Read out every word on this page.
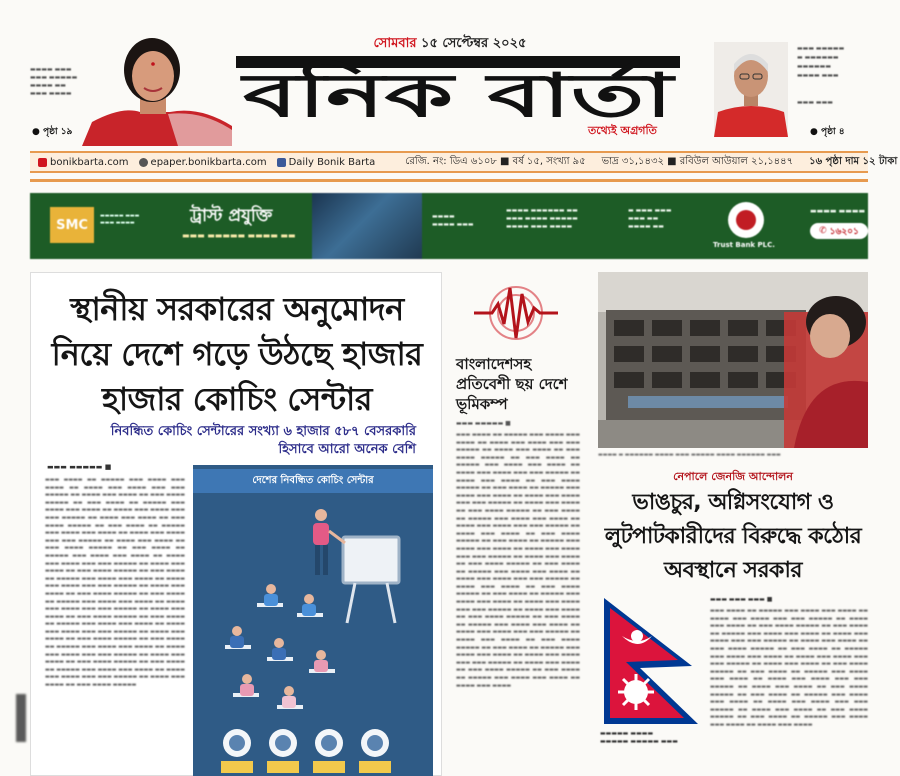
সোমবার ১৫ সেপ্টেম্বর ২০২৫
▬▬▬▬ ▬▬▬
▬▬▬ ▬▬▬▬▬
▬▬▬▬ ▬▬
▬▬▬ ▬▬▬▬
● পৃষ্ঠা ১৯
বনিক বার্তা	তথ্যেই অগ্রগতি
▬▬▬ ▬▬▬▬▬
▬ ▬▬▬▬▬▬
▬▬▬▬▬▬
▬▬▬▬ ▬▬▬

▬▬▬ ▬▬▬
● পৃষ্ঠা ৪
bonikbarta.com epaper.bonikbarta.com Daily Bonik Barta	রেজি. নং: ডিএ ৬১০৮ ■ বর্ষ ১৫, সংখ্যা ৯৫ ভাদ্র ৩১,১৪৩২ ■ রবিউল আউয়াল ২১,১৪৪৭ ১৬ পৃষ্ঠা দাম ১২ টাকা
SMC
▬▬▬▬▬ ▬▬▬
▬▬▬ ▬▬▬▬	ট্রাস্ট প্রযুক্তি
▬▬▬ ▬▬▬▬▬ ▬▬▬▬ ▬▬
▬▬▬▬
▬▬▬▬ ▬▬▬
▬▬▬▬ ▬▬▬▬▬▬ ▬▬
▬▬▬ ▬▬▬▬ ▬▬▬▬▬
▬▬▬▬ ▬▬▬ ▬▬▬▬
▬ ▬▬▬ ▬▬▬
▬▬▬ ▬▬
▬▬▬▬ ▬▬
Trust Bank PLC.
▬▬▬▬ ▬▬▬▬
✆ ১৬২০১
স্থানীয় সরকারের অনুমোদন নিয়ে দেশে গড়ে উঠছে হাজার হাজার কোচিং সেন্টার
নিবন্ধিত কোচিং সেন্টারের সংখ্যা ৬ হাজার ৫৮৭ বেসরকারি হিসাবে আরো অনেক বেশি
▬▬▬ ▬▬▬▬▬ ■
▬▬▬ ▬▬▬▬ ▬▬ ▬▬▬▬▬ ▬▬▬ ▬▬▬▬ ▬▬▬ ▬▬▬▬ ▬▬ ▬▬▬▬ ▬▬▬ ▬▬▬▬ ▬▬▬ ▬▬▬ ▬▬▬▬▬ ▬▬ ▬▬▬▬ ▬▬▬ ▬▬▬▬ ▬▬ ▬▬▬ ▬▬▬▬ ▬▬▬▬▬ ▬▬ ▬▬▬ ▬▬▬▬ ▬▬ ▬▬▬▬▬ ▬▬▬ ▬▬▬▬ ▬▬▬ ▬▬▬▬ ▬▬ ▬▬▬▬ ▬▬▬ ▬▬▬▬ ▬▬▬ ▬▬▬ ▬▬▬▬▬ ▬▬ ▬▬▬▬ ▬▬▬ ▬▬▬▬ ▬▬ ▬▬▬ ▬▬▬▬ ▬▬▬▬▬ ▬▬ ▬▬▬ ▬▬▬▬ ▬▬ ▬▬▬▬▬ ▬▬▬ ▬▬▬▬ ▬▬▬ ▬▬▬▬ ▬▬ ▬▬▬▬ ▬▬▬ ▬▬▬▬ ▬▬▬ ▬▬▬ ▬▬▬▬▬ ▬▬ ▬▬▬▬ ▬▬▬ ▬▬▬▬ ▬▬ ▬▬▬ ▬▬▬▬ ▬▬▬▬▬ ▬▬ ▬▬▬ ▬▬▬▬ ▬▬ ▬▬▬▬▬ ▬▬▬ ▬▬▬▬ ▬▬▬ ▬▬▬▬ ▬▬ ▬▬▬▬ ▬▬▬ ▬▬▬▬ ▬▬▬ ▬▬▬ ▬▬▬▬▬ ▬▬ ▬▬▬▬ ▬▬▬ ▬▬▬▬ ▬▬ ▬▬▬ ▬▬▬▬ ▬▬▬▬▬ ▬▬ ▬▬▬ ▬▬▬▬ ▬▬ ▬▬▬▬▬ ▬▬▬ ▬▬▬▬ ▬▬▬ ▬▬▬▬ ▬▬ ▬▬▬▬ ▬▬▬ ▬▬▬▬ ▬▬▬ ▬▬▬ ▬▬▬▬▬ ▬▬ ▬▬▬▬ ▬▬▬ ▬▬▬▬ ▬▬ ▬▬▬ ▬▬▬▬ ▬▬▬▬▬ ▬▬ ▬▬▬ ▬▬▬▬ ▬▬ ▬▬▬▬▬ ▬▬▬ ▬▬▬▬ ▬▬▬ ▬▬▬▬ ▬▬ ▬▬▬▬ ▬▬▬ ▬▬▬▬ ▬▬▬ ▬▬▬ ▬▬▬▬▬ ▬▬ ▬▬▬▬ ▬▬▬ ▬▬▬▬ ▬▬ ▬▬▬ ▬▬▬▬ ▬▬▬▬▬ ▬▬ ▬▬▬ ▬▬▬▬ ▬▬ ▬▬▬▬▬ ▬▬▬ ▬▬▬▬ ▬▬▬ ▬▬▬▬ ▬▬ ▬▬▬▬ ▬▬▬ ▬▬▬▬ ▬▬▬ ▬▬▬ ▬▬▬▬▬ ▬▬ ▬▬▬▬ ▬▬▬ ▬▬▬▬ ▬▬ ▬▬▬ ▬▬▬▬ ▬▬▬▬▬ ▬▬ ▬▬▬ ▬▬▬▬ ▬▬ ▬▬▬▬▬ ▬▬▬ ▬▬▬▬ ▬▬▬ ▬▬▬▬ ▬▬ ▬▬▬▬ ▬▬▬ ▬▬▬▬ ▬▬▬ ▬▬▬ ▬▬▬▬▬ ▬▬ ▬▬▬▬ ▬▬▬ ▬▬▬▬ ▬▬ ▬▬▬ ▬▬▬▬ ▬▬▬▬▬ ▬▬ ▬▬▬ ▬▬▬▬ ▬▬ ▬▬▬▬▬ ▬▬▬ ▬▬▬▬ ▬▬▬ ▬▬▬▬ ▬▬ ▬▬▬▬ ▬▬▬ ▬▬▬▬ ▬▬▬ ▬▬▬ ▬▬▬▬▬ ▬▬ ▬▬▬▬ ▬▬▬ ▬▬▬▬ ▬▬ ▬▬▬ ▬▬▬▬ ▬▬▬▬▬
দেশের নিবন্ধিত কোচিং সেন্টার
বাংলাদেশসহ প্রতিবেশী ছয় দেশে ভূমিকম্প
▬▬▬ ▬▬▬▬▬ ■
▬▬▬ ▬▬▬▬ ▬▬ ▬▬▬▬▬ ▬▬▬ ▬▬▬▬ ▬▬▬ ▬▬▬▬ ▬▬ ▬▬▬▬ ▬▬▬ ▬▬▬▬ ▬▬▬ ▬▬▬ ▬▬▬▬▬ ▬▬ ▬▬▬▬ ▬▬▬ ▬▬▬▬ ▬▬ ▬▬▬ ▬▬▬▬ ▬▬▬▬▬ ▬▬ ▬▬▬ ▬▬▬▬ ▬▬ ▬▬▬▬▬ ▬▬▬ ▬▬▬▬ ▬▬▬ ▬▬▬▬ ▬▬ ▬▬▬▬ ▬▬▬ ▬▬▬▬ ▬▬▬ ▬▬▬ ▬▬▬▬▬ ▬▬ ▬▬▬▬ ▬▬▬ ▬▬▬▬ ▬▬ ▬▬▬ ▬▬▬▬ ▬▬▬▬▬ ▬▬ ▬▬▬ ▬▬▬▬ ▬▬ ▬▬▬▬▬ ▬▬▬ ▬▬▬▬ ▬▬▬ ▬▬▬▬ ▬▬ ▬▬▬▬ ▬▬▬ ▬▬▬▬ ▬▬▬ ▬▬▬ ▬▬▬▬▬ ▬▬ ▬▬▬▬ ▬▬▬ ▬▬▬▬ ▬▬ ▬▬▬ ▬▬▬▬ ▬▬▬▬▬ ▬▬ ▬▬▬ ▬▬▬▬ ▬▬ ▬▬▬▬▬ ▬▬▬ ▬▬▬▬ ▬▬▬ ▬▬▬▬ ▬▬ ▬▬▬▬ ▬▬▬ ▬▬▬▬ ▬▬▬ ▬▬▬ ▬▬▬▬▬ ▬▬ ▬▬▬▬ ▬▬▬ ▬▬▬▬ ▬▬ ▬▬▬ ▬▬▬▬ ▬▬▬▬▬ ▬▬ ▬▬▬ ▬▬▬▬ ▬▬ ▬▬▬▬▬ ▬▬▬ ▬▬▬▬ ▬▬▬ ▬▬▬▬ ▬▬ ▬▬▬▬ ▬▬▬ ▬▬▬▬ ▬▬▬ ▬▬▬ ▬▬▬▬▬ ▬▬ ▬▬▬▬ ▬▬▬ ▬▬▬▬ ▬▬ ▬▬▬ ▬▬▬▬ ▬▬▬▬▬ ▬▬ ▬▬▬ ▬▬▬▬ ▬▬ ▬▬▬▬▬ ▬▬▬ ▬▬▬▬ ▬▬▬ ▬▬▬▬ ▬▬ ▬▬▬▬ ▬▬▬ ▬▬▬▬ ▬▬▬ ▬▬▬ ▬▬▬▬▬ ▬▬ ▬▬▬▬ ▬▬▬ ▬▬▬▬ ▬▬ ▬▬▬ ▬▬▬▬ ▬▬▬▬▬ ▬▬ ▬▬▬ ▬▬▬▬ ▬▬ ▬▬▬▬▬ ▬▬▬ ▬▬▬▬ ▬▬▬ ▬▬▬▬ ▬▬ ▬▬▬▬ ▬▬▬ ▬▬▬▬ ▬▬▬ ▬▬▬ ▬▬▬▬▬ ▬▬ ▬▬▬▬ ▬▬▬ ▬▬▬▬ ▬▬ ▬▬▬ ▬▬▬▬ ▬▬▬▬▬ ▬▬ ▬▬▬ ▬▬▬▬ ▬▬ ▬▬▬▬▬ ▬▬▬ ▬▬▬▬ ▬▬▬ ▬▬▬▬ ▬▬ ▬▬▬▬ ▬▬▬ ▬▬▬▬ ▬▬▬ ▬▬▬ ▬▬▬▬▬ ▬▬ ▬▬▬▬ ▬▬▬ ▬▬▬▬ ▬▬ ▬▬▬ ▬▬▬▬ ▬▬▬▬▬ ▬▬ ▬▬▬ ▬▬▬▬ ▬▬ ▬▬▬▬▬ ▬▬▬ ▬▬▬▬ ▬▬▬ ▬▬▬▬ ▬▬ ▬▬▬▬ ▬▬▬ ▬▬▬▬ ▬▬▬ ▬▬▬ ▬▬▬▬▬ ▬▬ ▬▬▬▬ ▬▬▬ ▬▬▬▬ ▬▬ ▬▬▬ ▬▬▬▬ ▬▬▬▬▬ ▬▬ ▬▬▬ ▬▬▬▬ ▬▬ ▬▬▬▬▬ ▬▬▬ ▬▬▬▬ ▬▬▬ ▬▬▬▬ ▬▬ ▬▬▬▬ ▬▬▬ ▬▬▬▬
▬▬▬▬ ▬ ▬▬▬▬▬▬ ▬▬▬▬ ▬▬▬ ▬▬▬▬▬ ▬▬▬▬ ▬▬▬▬▬▬ ▬▬▬
নেপালে জেনজি আন্দোলন
ভাঙচুর, অগ্নিসংযোগ ও লুটপাটকারীদের বিরুদ্ধে কঠোর অবস্থানে সরকার
▬▬▬▬▬ ▬▬▬▬
▬▬▬▬▬ ▬▬▬▬▬ ▬▬▬
▬▬▬ ▬▬▬ ▬▬▬ ■
▬▬▬ ▬▬▬▬ ▬▬ ▬▬▬▬▬ ▬▬▬ ▬▬▬▬ ▬▬▬ ▬▬▬▬ ▬▬ ▬▬▬▬ ▬▬▬ ▬▬▬▬ ▬▬▬ ▬▬▬ ▬▬▬▬▬ ▬▬ ▬▬▬▬ ▬▬▬ ▬▬▬▬ ▬▬ ▬▬▬ ▬▬▬▬ ▬▬▬▬▬ ▬▬ ▬▬▬ ▬▬▬▬ ▬▬ ▬▬▬▬▬ ▬▬▬ ▬▬▬▬ ▬▬▬ ▬▬▬▬ ▬▬ ▬▬▬▬ ▬▬▬ ▬▬▬▬ ▬▬▬ ▬▬▬ ▬▬▬▬▬ ▬▬ ▬▬▬▬ ▬▬▬ ▬▬▬▬ ▬▬ ▬▬▬ ▬▬▬▬ ▬▬▬▬▬ ▬▬ ▬▬▬ ▬▬▬▬ ▬▬ ▬▬▬▬▬ ▬▬▬ ▬▬▬▬ ▬▬▬ ▬▬▬▬ ▬▬ ▬▬▬▬ ▬▬▬ ▬▬▬▬ ▬▬▬ ▬▬▬ ▬▬▬▬▬ ▬▬ ▬▬▬▬ ▬▬▬ ▬▬▬▬ ▬▬ ▬▬▬ ▬▬▬▬ ▬▬▬▬▬ ▬▬ ▬▬▬ ▬▬▬▬ ▬▬ ▬▬▬▬▬ ▬▬▬ ▬▬▬▬ ▬▬▬ ▬▬▬▬ ▬▬ ▬▬▬▬ ▬▬▬ ▬▬▬▬ ▬▬▬ ▬▬▬ ▬▬▬▬▬ ▬▬ ▬▬▬▬ ▬▬▬ ▬▬▬▬ ▬▬ ▬▬▬ ▬▬▬▬ ▬▬▬▬▬ ▬▬ ▬▬▬ ▬▬▬▬ ▬▬ ▬▬▬▬▬ ▬▬▬ ▬▬▬▬ ▬▬▬ ▬▬▬▬ ▬▬ ▬▬▬▬ ▬▬▬ ▬▬▬▬ ▬▬▬ ▬▬▬ ▬▬▬▬▬ ▬▬ ▬▬▬▬ ▬▬▬ ▬▬▬▬ ▬▬ ▬▬▬ ▬▬▬▬ ▬▬▬▬▬ ▬▬ ▬▬▬ ▬▬▬▬ ▬▬ ▬▬▬▬▬ ▬▬▬ ▬▬▬▬ ▬▬▬ ▬▬▬▬ ▬▬ ▬▬▬▬ ▬▬▬ ▬▬▬▬
